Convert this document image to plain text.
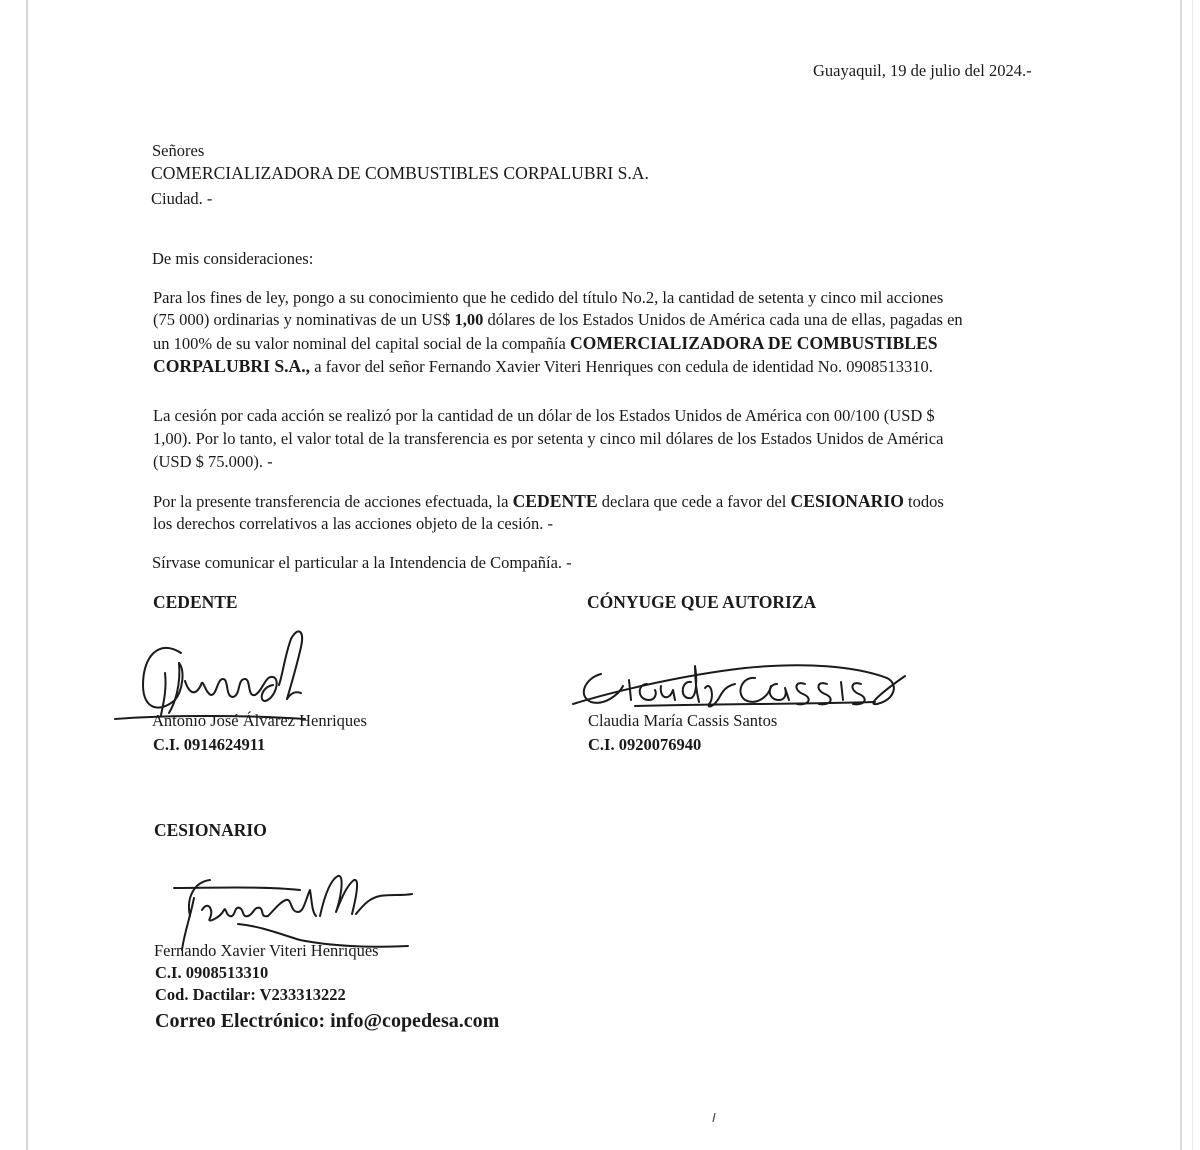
Guayaquil, 19 de julio del 2024.-

Señores

COMERCIALIZADORA DE COMBUSTIBLES CORPALUBRI S.A.

Ciudad. -

De mis consideraciones:

Para los fines de ley, pongo a su conocimiento que he cedido del título No.2, la cantidad de setenta y cinco mil acciones

(75 000) ordinarias y nominativas de un US$ 1,00 dólares de los Estados Unidos de América cada una de ellas, pagadas en

un 100% de su valor nominal del capital social de la compañía COMERCIALIZADORA DE COMBUSTIBLES

CORPALUBRI S.A., a favor del señor Fernando Xavier Viteri Henriques con cedula de identidad No. 0908513310.

La cesión por cada acción se realizó por la cantidad de un dólar de los Estados Unidos de América con 00/100 (USD $

1,00). Por lo tanto, el valor total de la transferencia es por setenta y cinco mil dólares de los Estados Unidos de América

(USD $ 75.000). -

Por la presente transferencia de acciones efectuada, la CEDENTE declara que cede a favor del CESIONARIO todos

los derechos correlativos a las acciones objeto de la cesión. -

Sírvase comunicar el particular a la Intendencia de Compañía. -

CEDENTE	CÓNYUGE QUE AUTORIZA

Antonio José Álvarez Henriques

C.I. 0914624911

Claudia María Cassis Santos

C.I. 0920076940

CESIONARIO

Fernando Xavier Viteri Henriques

C.I. 0908513310

Cod. Dactilar: V233313222

Correo Electrónico: info@copedesa.com
